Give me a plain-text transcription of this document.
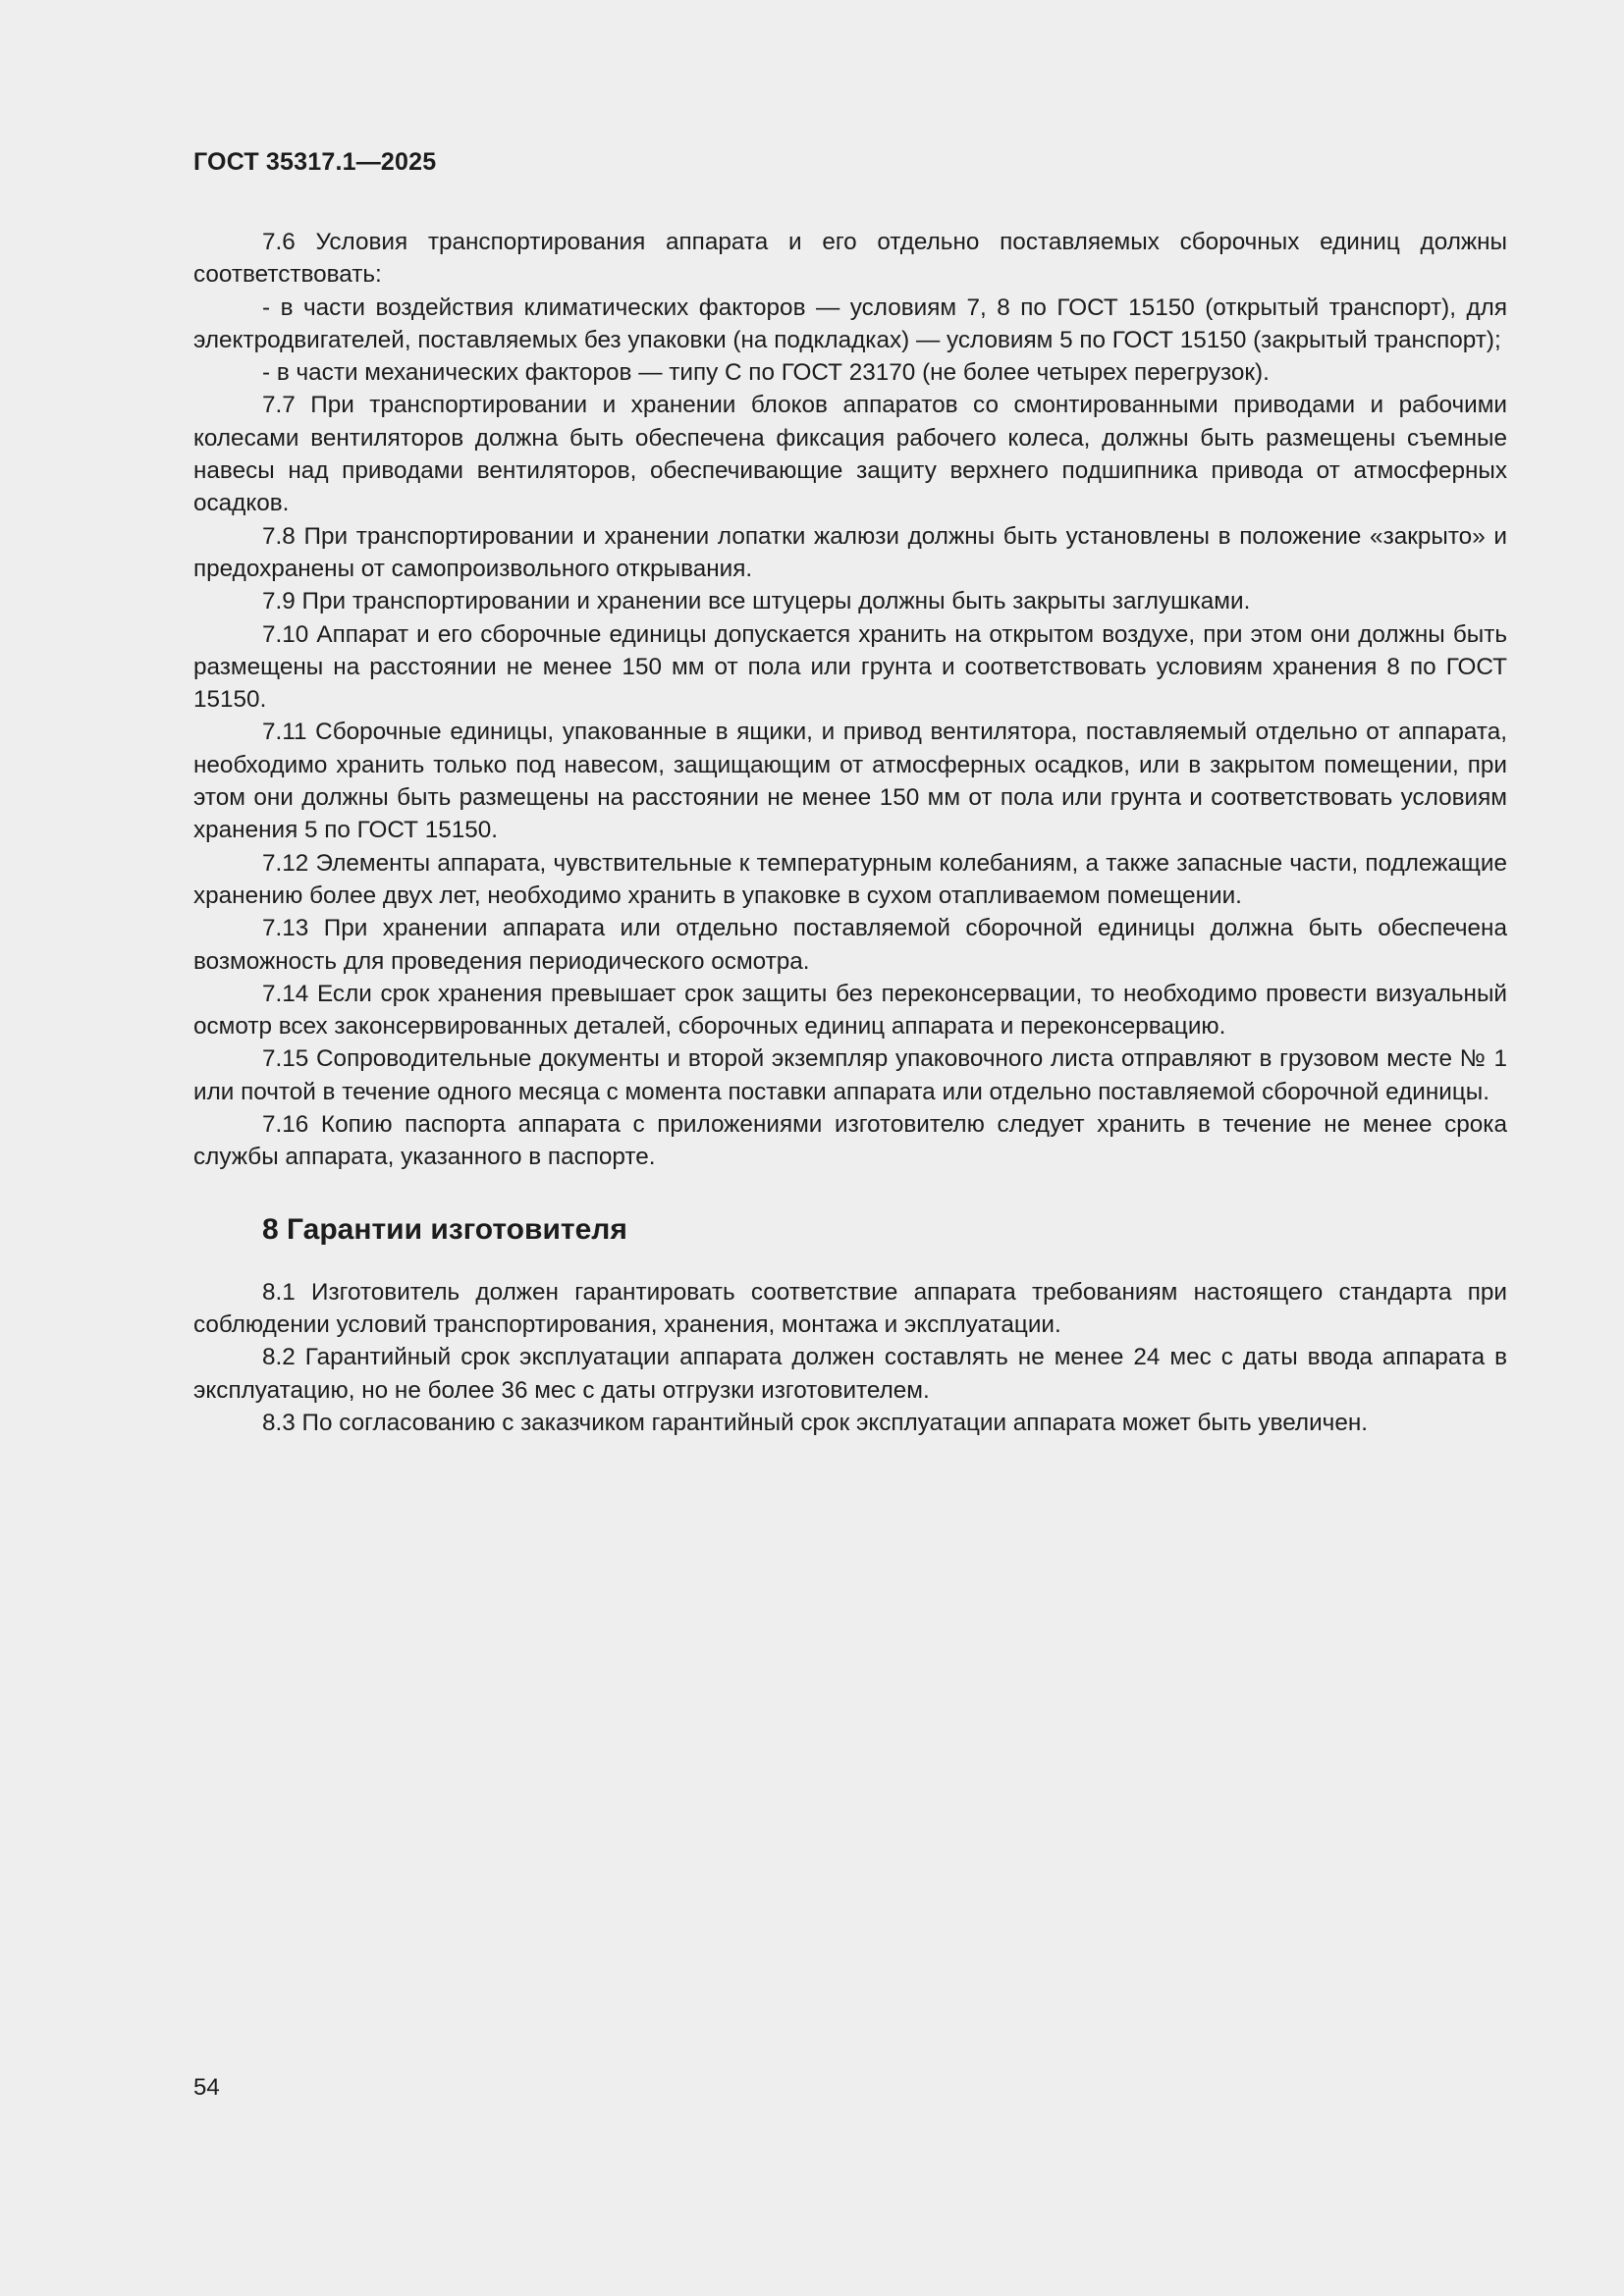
ГОСТ 35317.1—2025

7.6 Условия транспортирования аппарата и его отдельно поставляемых сборочных единиц должны соответствовать:

- в части воздействия климатических факторов — условиям 7, 8 по ГОСТ 15150 (открытый транспорт), для электродвигателей, поставляемых без упаковки (на подкладках) — условиям 5 по ГОСТ 15150 (закрытый транспорт);

- в части механических факторов — типу С по ГОСТ 23170 (не более четырех перегрузок).

7.7 При транспортировании и хранении блоков аппаратов со смонтированными приводами и рабочими колесами вентиляторов должна быть обеспечена фиксация рабочего колеса, должны быть размещены съемные навесы над приводами вентиляторов, обеспечивающие защиту верхнего подшипника привода от атмосферных осадков.

7.8 При транспортировании и хранении лопатки жалюзи должны быть установлены в положение «закрыто» и предохранены от самопроизвольного открывания.

7.9 При транспортировании и хранении все штуцеры должны быть закрыты заглушками.

7.10 Аппарат и его сборочные единицы допускается хранить на открытом воздухе, при этом они должны быть размещены на расстоянии не менее 150 мм от пола или грунта и соответствовать условиям хранения 8 по ГОСТ 15150.

7.11 Сборочные единицы, упакованные в ящики, и привод вентилятора, поставляемый отдельно от аппарата, необходимо хранить только под навесом, защищающим от атмосферных осадков, или в закрытом помещении, при этом они должны быть размещены на расстоянии не менее 150 мм от пола или грунта и соответствовать условиям хранения 5 по ГОСТ 15150.

7.12 Элементы аппарата, чувствительные к температурным колебаниям, а также запасные части, подлежащие хранению более двух лет, необходимо хранить в упаковке в сухом отапливаемом помещении.

7.13 При хранении аппарата или отдельно поставляемой сборочной единицы должна быть обеспечена возможность для проведения периодического осмотра.

7.14 Если срок хранения превышает срок защиты без переконсервации, то необходимо провести визуальный осмотр всех законсервированных деталей, сборочных единиц аппарата и переконсервацию.

7.15 Сопроводительные документы и второй экземпляр упаковочного листа отправляют в грузовом месте № 1 или почтой в течение одного месяца с момента поставки аппарата или отдельно поставляемой сборочной единицы.

7.16 Копию паспорта аппарата с приложениями изготовителю следует хранить в течение не менее срока службы аппарата, указанного в паспорте.

8 Гарантии изготовителя

8.1 Изготовитель должен гарантировать соответствие аппарата требованиям настоящего стандарта при соблюдении условий транспортирования, хранения, монтажа и эксплуатации.

8.2 Гарантийный срок эксплуатации аппарата должен составлять не менее 24 мес с даты ввода аппарата в эксплуатацию, но не более 36 мес с даты отгрузки изготовителем.

8.3 По согласованию с заказчиком гарантийный срок эксплуатации аппарата может быть увеличен.

54
